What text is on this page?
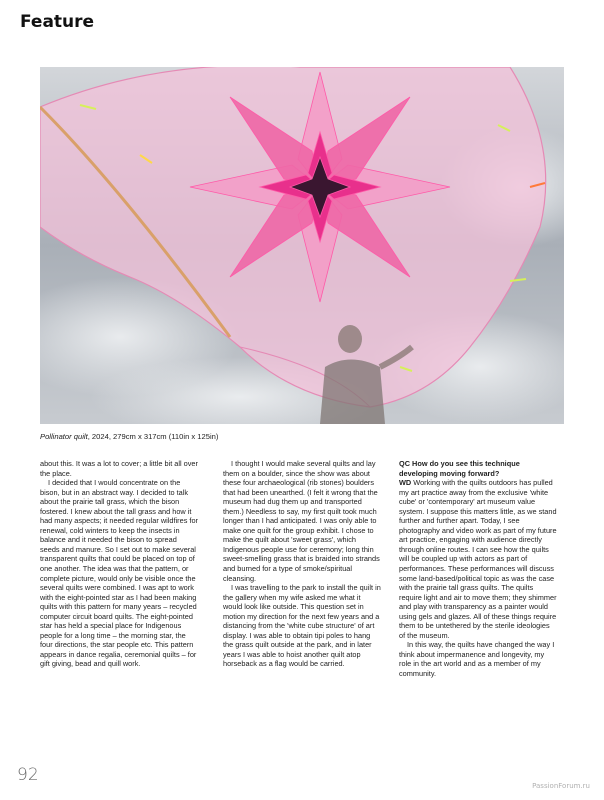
Feature
Pollinator quilt, 2024, 279cm x 317cm (110in x 125in)

about this. It was a lot to cover; a little bit all over the place.

I decided that I would concentrate on the bison, but in an abstract way. I decided to talk about the prairie tall grass, which the bison fostered. I knew about the tall grass and how it had many aspects; it needed regular wildfires for renewal, cold winters to keep the insects in balance and it needed the bison to spread seeds and manure. So I set out to make several transparent quilts that could be placed on top of one another. The idea was that the pattern, or complete picture, would only be visible once the several quilts were combined. I was apt to work with the eight-pointed star as I had been making quilts with this pattern for many years – recycled computer circuit board quilts. The eight-pointed star has held a special place for Indigenous people for a long time – the morning star, the four directions, the star people etc. This pattern appears in dance regalia, ceremonial quilts – for gift giving, bead and quill work.

I thought I would make several quilts and lay them on a boulder, since the show was about these four archaeological (rib stones) boulders that had been unearthed. (I felt it wrong that the museum had dug them up and transported them.) Needless to say, my first quilt took much longer than I had anticipated. I was only able to make one quilt for the group exhibit. I chose to make the quilt about 'sweet grass', which Indigenous people use for ceremony; long thin sweet-smelling grass that is braided into strands and burned for a type of smoke/spiritual cleansing.

I was travelling to the park to install the quilt in the gallery when my wife asked me what it would look like outside. This question set in motion my direction for the next few years and a distancing from the 'white cube structure' of art display. I was able to obtain tipi poles to hang the grass quilt outside at the park, and in later years I was able to hoist another quilt atop horseback as a flag would be carried.

QC How do you see this technique developing moving forward?

WD Working with the quilts outdoors has pulled my art practice away from the exclusive 'white cube' or 'contemporary' art museum value system. I suppose this matters little, as we stand further and further apart. Today, I see photography and video work as part of my future art practice, engaging with audience directly through online routes. I can see how the quilts will be coupled up with actors as part of performances. These performances will discuss some land-based/political topic as was the case with the prairie tall grass quilts. The quilts require light and air to move them; they shimmer and play with transparency as a painter would using gels and glazes. All of these things require them to be untethered by the sterile ideologies of the museum.

In this way, the quilts have changed the way I think about impermanence and longevity, my role in the art world and as a member of my community.

92
PassionForum.ru
